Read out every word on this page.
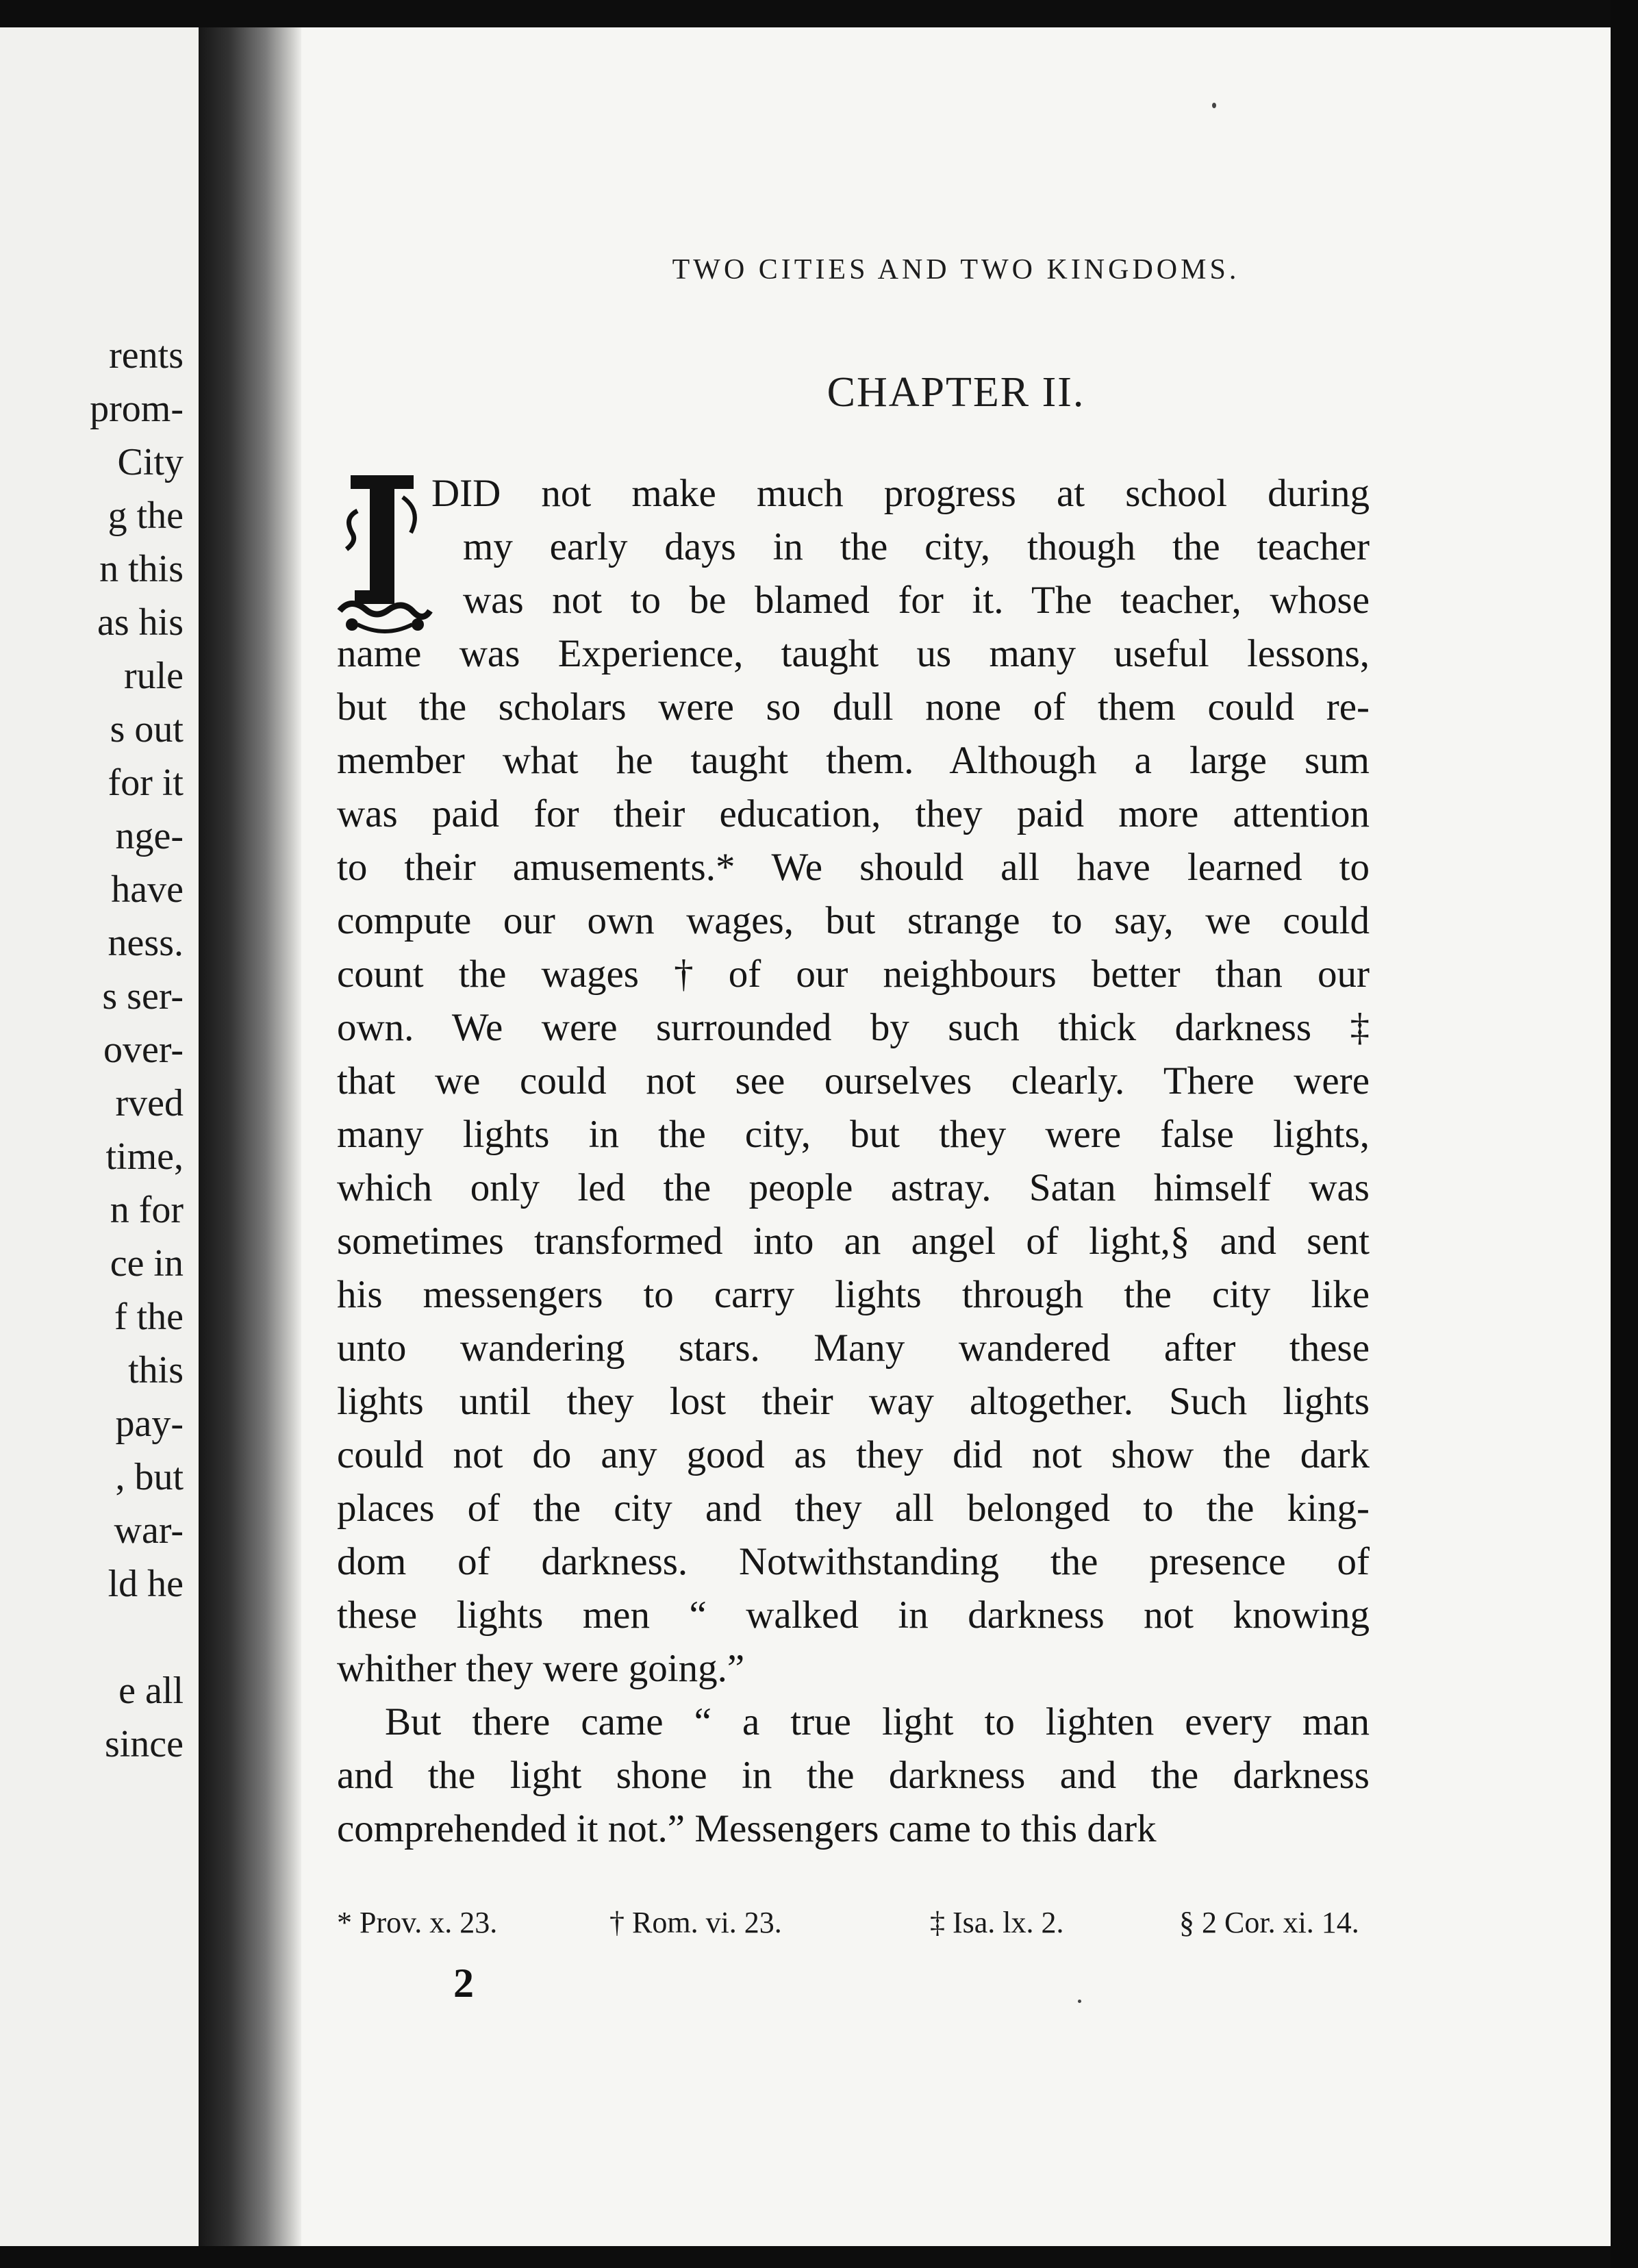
rents
prom-
City
g the
n this
as his
rule
s out
for it
nge-
have
ness.
s ser-
over-
rved
time,
n for
ce in
f the
this
pay-
, but
war-
ld he
e all
since
TWO CITIES AND TWO KINGDOMS.
CHAPTER II.
DID not make much progress at school during
my early days in the city, though the teacher
was not to be blamed for it. The teacher, whose
name was Experience, taught us many useful lessons,
but the scholars were so dull none of them could re-
member what he taught them. Although a large sum
was paid for their education, they paid more attention
to their amusements.* We should all have learned to
compute our own wages, but strange to say, we could
count the wages † of our neighbours better than our
own. We were surrounded by such thick darkness ‡
that we could not see ourselves clearly. There were
many lights in the city, but they were false lights,
which only led the people astray. Satan himself was
sometimes transformed into an angel of light,§ and sent
his messengers to carry lights through the city like
unto wandering stars. Many wandered after these
lights until they lost their way altogether. Such lights
could not do any good as they did not show the dark
places of the city and they all belonged to the king-
dom of darkness. Notwithstanding the presence of
these lights men “ walked in darkness not knowing
whither they were going.”
But there came “ a true light to lighten every man
and the light shone in the darkness and the darkness
comprehended it not.” Messengers came to this dark
* Prov. x. 23.	† Rom. vi. 23.	‡ Isa. lx. 2.	§ 2 Cor. xi. 14.
2
